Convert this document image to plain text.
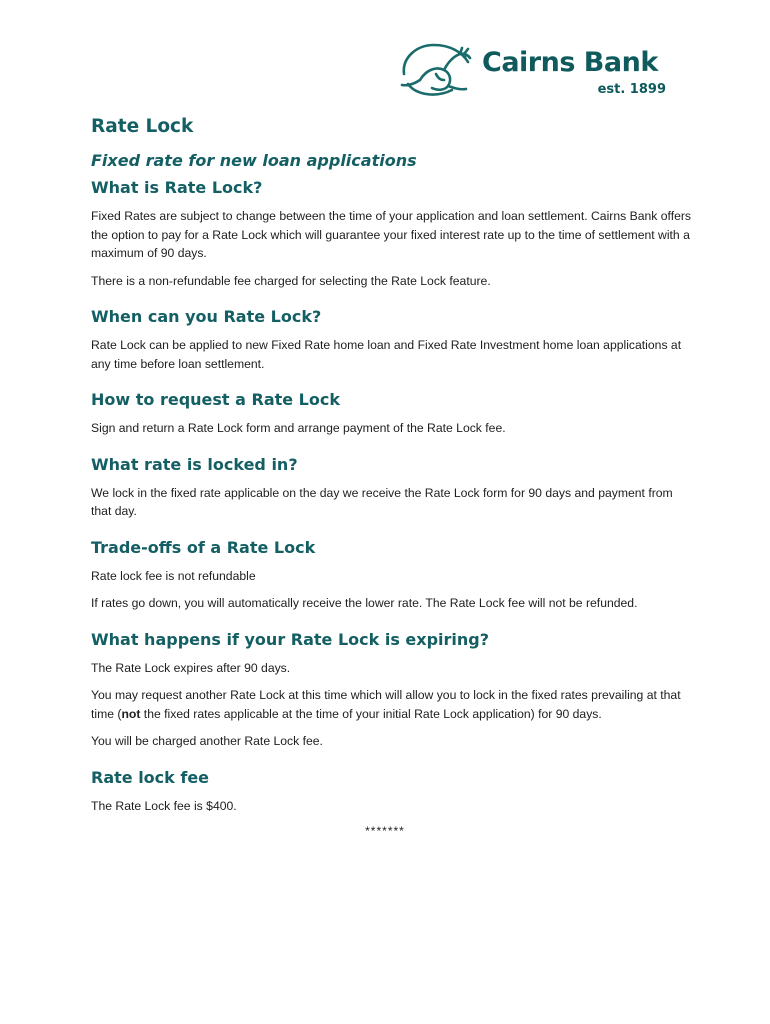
Cairns Bank
est. 1899
Rate Lock
Fixed rate for new loan applications
What is Rate Lock?

Fixed Rates are subject to change between the time of your application and loan settlement. Cairns Bank offers the option to pay for a Rate Lock which will guarantee your fixed interest rate up to the time of settlement with a maximum of 90 days.

There is a non-refundable fee charged for selecting the Rate Lock feature.

When can you Rate Lock?

Rate Lock can be applied to new Fixed Rate home loan and Fixed Rate Investment home loan applications at any time before loan settlement.

How to request a Rate Lock

Sign and return a Rate Lock form and arrange payment of the Rate Lock fee.

What rate is locked in?

We lock in the fixed rate applicable on the day we receive the Rate Lock form for 90 days and payment from that day.

Trade-offs of a Rate Lock

Rate lock fee is not refundable

If rates go down, you will automatically receive the lower rate. The Rate Lock fee will not be refunded.

What happens if your Rate Lock is expiring?

The Rate Lock expires after 90 days.

You may request another Rate Lock at this time which will allow you to lock in the fixed rates prevailing at that time (not the fixed rates applicable at the time of your initial Rate Lock application) for 90 days.

You will be charged another Rate Lock fee.

Rate lock fee

The Rate Lock fee is $400.

*******
